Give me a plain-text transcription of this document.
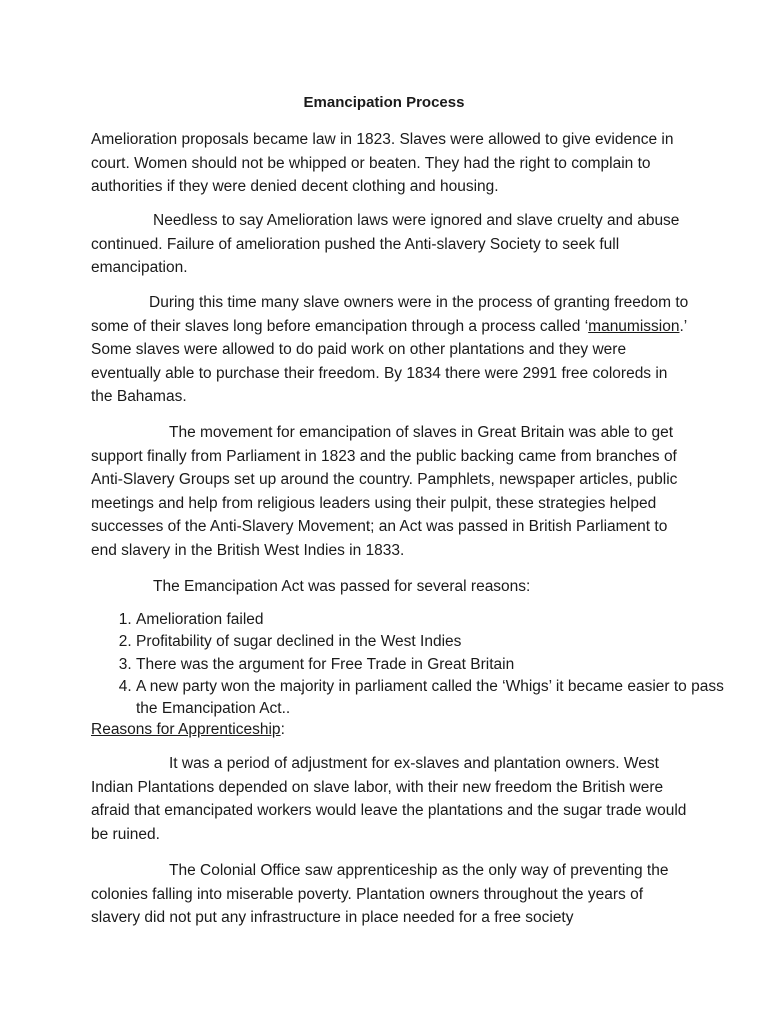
Emancipation Process

Amelioration proposals became law in 1823. Slaves were allowed to give evidence in court. Women should not be whipped or beaten. They had the right to complain to authorities if they were denied decent clothing and housing.

Needless to say Amelioration laws were ignored and slave cruelty and abuse continued. Failure of amelioration pushed the Anti-slavery Society to seek full emancipation.

During this time many slave owners were in the process of granting freedom to some of their slaves long before emancipation through a process called ‘manumission.’ Some slaves were allowed to do paid work on other plantations and they were eventually able to purchase their freedom. By 1834 there were 2991 free coloreds in the Bahamas.

The movement for emancipation of slaves in Great Britain was able to get support finally from Parliament in 1823 and the public backing came from branches of Anti-Slavery Groups set up around the country. Pamphlets, newspaper articles, public meetings and help from religious leaders using their pulpit, these strategies helped successes of the Anti-Slavery Movement; an Act was passed in British Parliament to end slavery in the British West Indies in 1833.

The Emancipation Act was passed for several reasons:

1. Amelioration failed
2. Profitability of sugar declined in the West Indies
3. There was the argument for Free Trade in Great Britain
4. A new party won the majority in parliament called the ‘Whigs’ it became easier to pass the Emancipation Act..
Reasons for Apprenticeship:

It was a period of adjustment for ex-slaves and plantation owners. West Indian Plantations depended on slave labor, with their new freedom the British were afraid that emancipated workers would leave the plantations and the sugar trade would be ruined.

The Colonial Office saw apprenticeship as the only way of preventing the colonies falling into miserable poverty. Plantation owners throughout the years of slavery did not put any infrastructure in place needed for a free society
